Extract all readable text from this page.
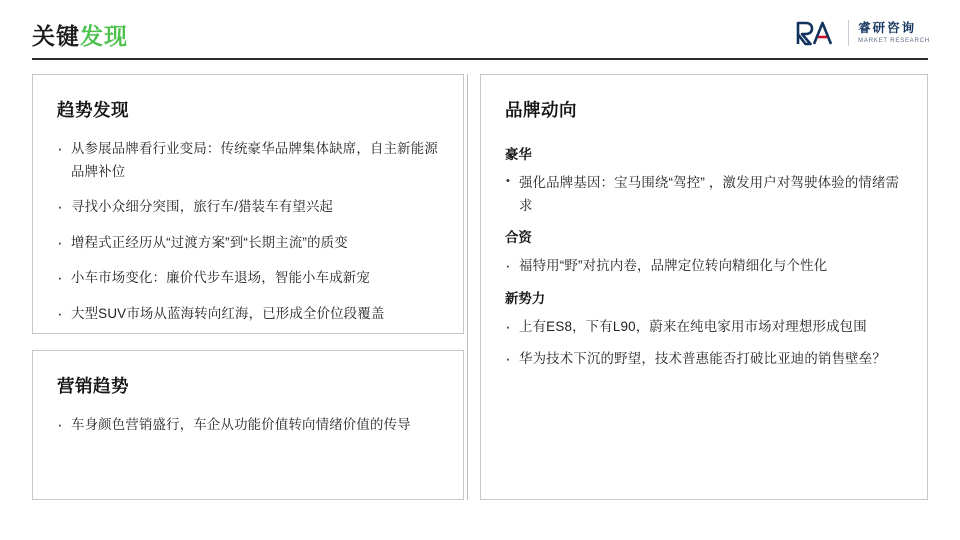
关键发现	睿研咨询
MARKET RESEARCH
趋势发现
· 从参展品牌看行业变局：传统豪华品牌集体缺席，自主新能源品牌补位
· 寻找小众细分突围，旅行车/猎装车有望兴起
· 增程式正经历从“过渡方案”到“长期主流”的质变
· 小车市场变化：廉价代步车退场，智能小车成新宠
· 大型SUV市场从蓝海转向红海，已形成全价位段覆盖
营销趋势
· 车身颜色营销盛行，车企从功能价值转向情绪价值的传导
品牌动向
豪华
• 强化品牌基因：宝马围绕“驾控” ，激发用户对驾驶体验的情绪需求
合资
· 福特用“野”对抗内卷，品牌定位转向精细化与个性化
新势力
· 上有ES8，下有L90，蔚来在纯电家用市场对理想形成包围
· 华为技术下沉的野望，技术普惠能否打破比亚迪的销售壁垒？
